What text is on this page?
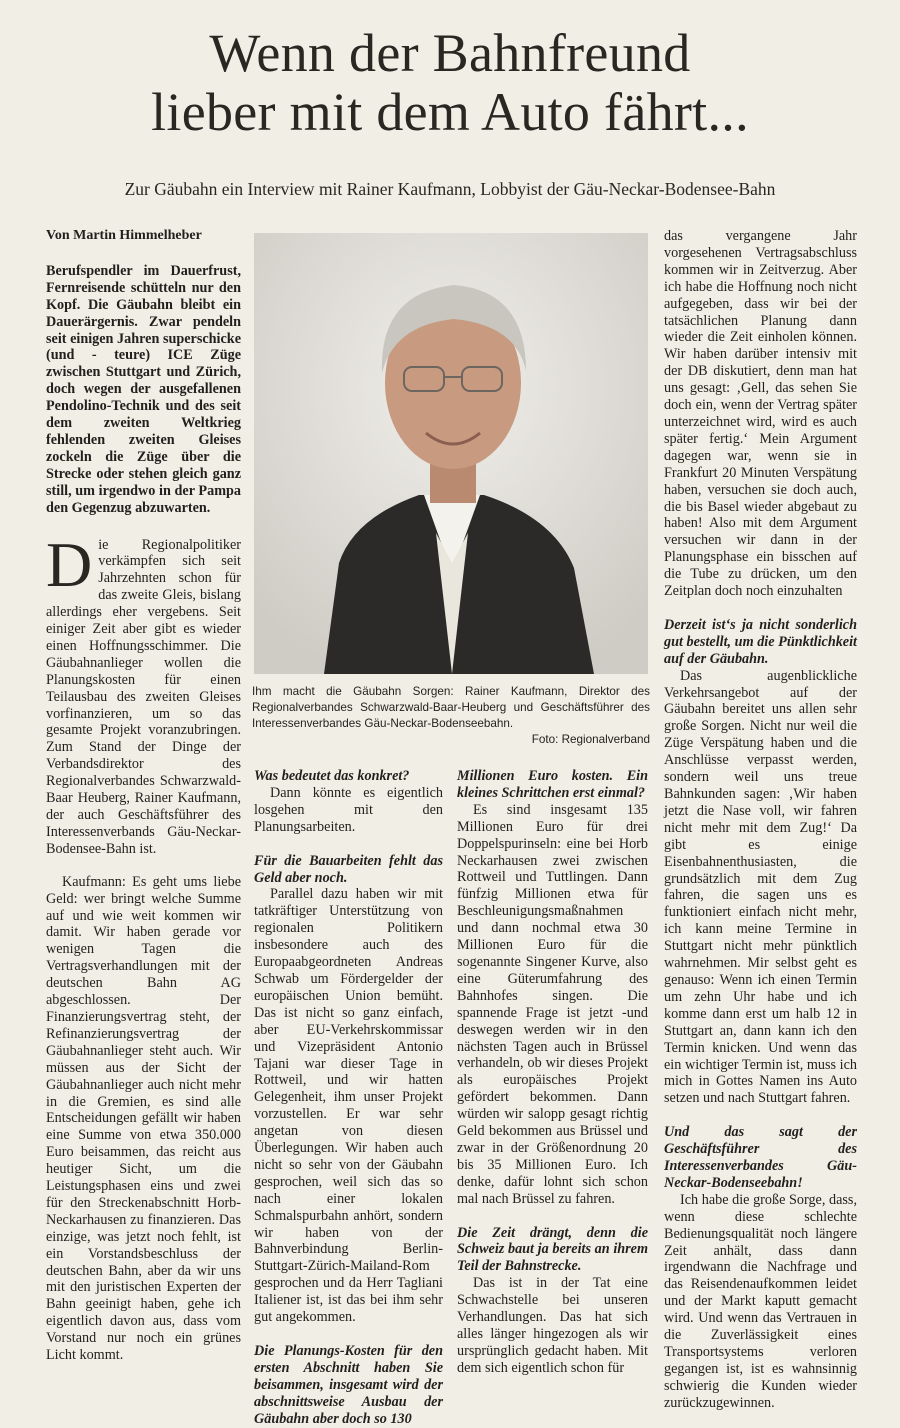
Wenn der Bahnfreund
lieber mit dem Auto fährt...

Zur Gäubahn ein Interview mit Rainer Kaufmann, Lobbyist der Gäu-Neckar-Bodensee-Bahn

Von Martin Himmelheber

Berufspendler im Dauerfrust, Fernreisende schütteln nur den Kopf. Die Gäubahn bleibt ein Dauerärgernis. Zwar pendeln seit einigen Jahren superschicke (und - teure) ICE Züge zwischen Stuttgart und Zürich, doch wegen der ausgefallenen Pendolino-Technik und des seit dem zweiten Weltkrieg fehlenden zweiten Gleises zockeln die Züge über die Strecke oder stehen gleich ganz still, um irgendwo in der Pampa den Gegenzug abzuwarten.

Die Regionalpolitiker verkämpfen sich seit Jahrzehnten schon für das zweite Gleis, bislang allerdings eher vergebens. Seit einiger Zeit aber gibt es wieder einen Hoffnungsschimmer. Die Gäubahnanlieger wollen die Planungskosten für einen Teilausbau des zweiten Gleises vorfinanzieren, um so das gesamte Projekt voranzubringen. Zum Stand der Dinge der Verbandsdirektor des Regionalverbandes Schwarzwald-Baar Heuberg, Rainer Kaufmann, der auch Geschäftsführer des Interessenverbands Gäu-Neckar-Bodensee-Bahn ist.

Kaufmann: Es geht ums liebe Geld: wer bringt welche Summe auf und wie weit kommen wir damit. Wir haben gerade vor wenigen Tagen die Vertragsverhandlungen mit der deutschen Bahn AG abgeschlossen. Der Finanzierungsvertrag steht, der Refinanzierungsvertrag der Gäubahnanlieger steht auch. Wir müssen aus der Sicht der Gäubahnanlieger auch nicht mehr in die Gremien, es sind alle Entscheidungen gefällt wir haben eine Summe von etwa 350.000 Euro beisammen, das reicht aus heutiger Sicht, um die Leistungsphasen eins und zwei für den Streckenabschnitt Horb- Neckarhausen zu finanzieren. Das einzige, was jetzt noch fehlt, ist ein Vorstandsbeschluss der deutschen Bahn, aber da wir uns mit den juristischen Experten der Bahn geeinigt haben, gehe ich eigentlich davon aus, dass vom Vorstand nur noch ein grünes Licht kommt.

Ihm macht die Gäubahn Sorgen: Rainer Kaufmann, Direktor des Regionalverbandes Schwarzwald-Baar-Heuberg und Geschäftsführer des Interessenverbandes Gäu-Neckar-Bodenseebahn.
Foto: Regionalverband

Was bedeutet das konkret?

Dann könnte es eigentlich losgehen mit den Planungsarbeiten.

Für die Bauarbeiten fehlt das Geld aber noch.

Parallel dazu haben wir mit tatkräftiger Unterstützung von regionalen Politikern insbesondere auch des Europaabgeordneten Andreas Schwab um Fördergelder der europäischen Union bemüht. Das ist nicht so ganz einfach, aber EU-Verkehrskommissar und Vizepräsident Antonio Tajani war dieser Tage in Rottweil, und wir hatten Gelegenheit, ihm unser Projekt vorzustellen. Er war sehr angetan von diesen Überlegungen. Wir haben auch nicht so sehr von der Gäubahn gesprochen, weil sich das so nach einer lokalen Schmalspurbahn anhört, sondern wir haben von der Bahnverbindung Berlin-Stuttgart-Zürich-Mailand-Rom gesprochen und da Herr Tagliani Italiener ist, ist das bei ihm sehr gut angekommen.

Die Planungs-Kosten für den ersten Abschnitt haben Sie beisammen, insgesamt wird der abschnittsweise Ausbau der Gäubahn aber doch so 130

Millionen Euro kosten. Ein kleines Schrittchen erst einmal?

Es sind insgesamt 135 Millionen Euro für drei Doppelspurinseln: eine bei Horb Neckarhausen zwei zwischen Rottweil und Tuttlingen. Dann fünfzig Millionen etwa für Beschleunigungsmaßnahmen und dann nochmal etwa 30 Millionen Euro für die sogenannte Singener Kurve, also eine Güterumfahrung des Bahnhofes singen. Die spannende Frage ist jetzt -und deswegen werden wir in den nächsten Tagen auch in Brüssel verhandeln, ob wir dieses Projekt als europäisches Projekt gefördert bekommen. Dann würden wir salopp gesagt richtig Geld bekommen aus Brüssel und zwar in der Größenordnung 20 bis 35 Millionen Euro. Ich denke, dafür lohnt sich schon mal nach Brüssel zu fahren.

Die Zeit drängt, denn die Schweiz baut ja bereits an ihrem Teil der Bahnstrecke.

Das ist in der Tat eine Schwachstelle bei unseren Verhandlungen. Das hat sich alles länger hingezogen als wir ursprünglich gedacht haben. Mit dem sich eigentlich schon für

das vergangene Jahr vorgesehenen Vertragsabschluss kommen wir in Zeitverzug. Aber ich habe die Hoffnung noch nicht aufgegeben, dass wir bei der tatsächlichen Planung dann wieder die Zeit einholen können. Wir haben darüber intensiv mit der DB diskutiert, denn man hat uns gesagt: ‚Gell, das sehen Sie doch ein, wenn der Vertrag später unterzeichnet wird, wird es auch später fertig.‘ Mein Argument dagegen war, wenn sie in Frankfurt 20 Minuten Verspätung haben, versuchen sie doch auch, die bis Basel wieder abgebaut zu haben! Also mit dem Argument versuchen wir dann in der Planungsphase ein bisschen auf die Tube zu drücken, um den Zeitplan doch noch einzuhalten

Derzeit ist‘s ja nicht sonderlich gut bestellt, um die Pünktlichkeit auf der Gäubahn.

Das augenblickliche Verkehrsangebot auf der Gäubahn bereitet uns allen sehr große Sorgen. Nicht nur weil die Züge Verspätung haben und die Anschlüsse verpasst werden, sondern weil uns treue Bahnkunden sagen: ‚Wir haben jetzt die Nase voll, wir fahren nicht mehr mit dem Zug!‘ Da gibt es einige Eisenbahnenthusiasten, die grundsätzlich mit dem Zug fahren, die sagen uns es funktioniert einfach nicht mehr, ich kann meine Termine in Stuttgart nicht mehr pünktlich wahrnehmen. Mir selbst geht es genauso: Wenn ich einen Termin um zehn Uhr habe und ich komme dann erst um halb 12 in Stuttgart an, dann kann ich den Termin knicken. Und wenn das ein wichtiger Termin ist, muss ich mich in Gottes Namen ins Auto setzen und nach Stuttgart fahren.

Und das sagt der Geschäftsführer des Interessenverbandes Gäu-Neckar-Bodenseebahn!

Ich habe die große Sorge, dass, wenn diese schlechte Bedienungsqualität noch längere Zeit anhält, dass dann irgendwann die Nachfrage und das Reisendenaufkommen leidet und der Markt kaputt gemacht wird. Und wenn das Vertrauen in die Zuverlässigkeit eines Transportsystems verloren gegangen ist, ist es wahnsinnig schwierig die Kunden wieder zurückzugewinnen.
